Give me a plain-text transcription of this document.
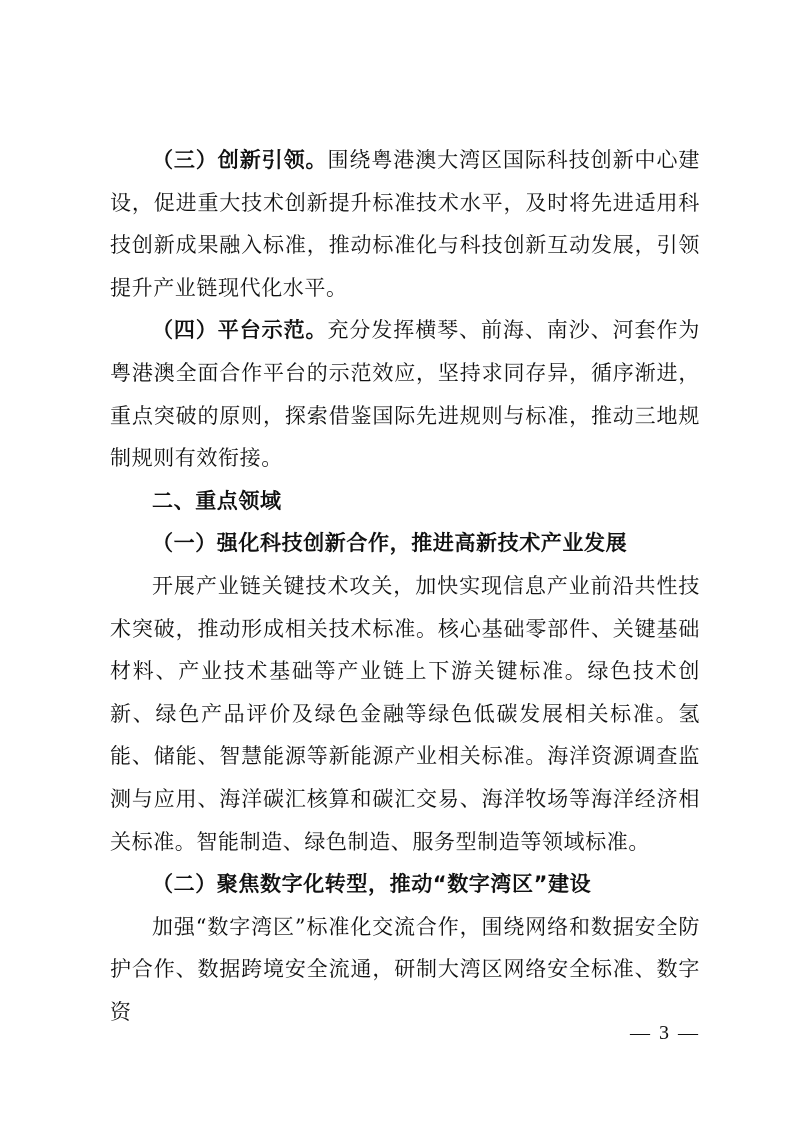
（三）创新引领。围绕粤港澳大湾区国际科技创新中心建设，促进重大技术创新提升标准技术水平，及时将先进适用科技创新成果融入标准，推动标准化与科技创新互动发展，引领提升产业链现代化水平。

（四）平台示范。充分发挥横琴、前海、南沙、河套作为粤港澳全面合作平台的示范效应，坚持求同存异，循序渐进，重点突破的原则，探索借鉴国际先进规则与标准，推动三地规制规则有效衔接。

二、重点领域

（一）强化科技创新合作，推进高新技术产业发展

开展产业链关键技术攻关，加快实现信息产业前沿共性技术突破，推动形成相关技术标准。核心基础零部件、关键基础材料、产业技术基础等产业链上下游关键标准。绿色技术创新、绿色产品评价及绿色金融等绿色低碳发展相关标准。氢能、储能、智慧能源等新能源产业相关标准。海洋资源调查监测与应用、海洋碳汇核算和碳汇交易、海洋牧场等海洋经济相关标准。智能制造、绿色制造、服务型制造等领域标准。

（二）聚焦数字化转型，推动“数字湾区”建设

加强“数字湾区”标准化交流合作，围绕网络和数据安全防护合作、数据跨境安全流通，研制大湾区网络安全标准、数字资

— 3 —
